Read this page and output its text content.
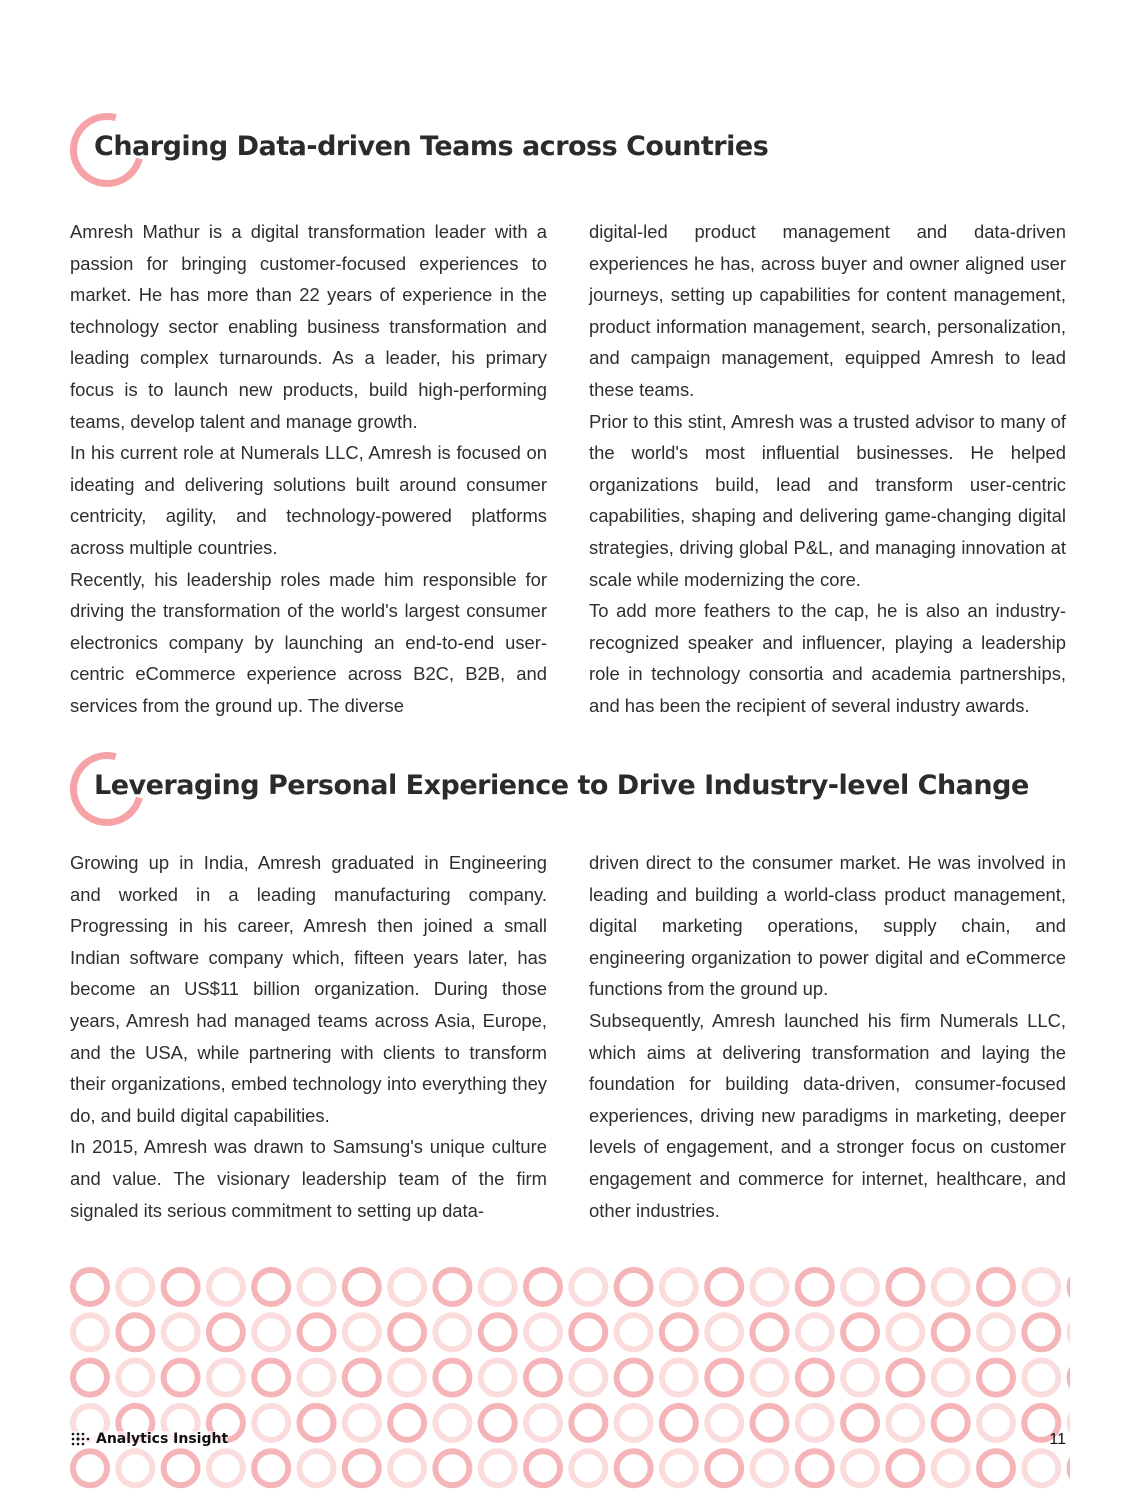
Charging Data-driven Teams across Countries

Amresh Mathur is a digital transformation leader with a passion for bringing customer-focused experiences to market. He has more than 22 years of experience in the technology sector enabling business transformation and leading complex turnarounds. As a leader, his primary focus is to launch new products, build high-performing teams, develop talent and manage growth.

In his current role at Numerals LLC, Amresh is focused on ideating and delivering solutions built around consumer centricity, agility, and technology-powered platforms across multiple countries.

Recently, his leadership roles made him responsible for driving the transformation of the world's largest consumer electronics company by launching an end-to-end user-centric eCommerce experience across B2C, B2B, and services from the ground up. The diverse

digital-led product management and data-driven experiences he has, across buyer and owner aligned user journeys, setting up capabilities for content management, product information management, search, personalization, and campaign management, equipped Amresh to lead these teams.

Prior to this stint, Amresh was a trusted advisor to many of the world's most influential businesses. He helped organizations build, lead and transform user-centric capabilities, shaping and delivering game-changing digital strategies, driving global P&L, and managing innovation at scale while modernizing the core.

To add more feathers to the cap, he is also an industry-recognized speaker and influencer, playing a leadership role in technology consortia and academia partnerships, and has been the recipient of several industry awards.

Leveraging Personal Experience to Drive Industry-level Change

Growing up in India, Amresh graduated in Engineering and worked in a leading manufacturing company. Progressing in his career, Amresh then joined a small Indian software company which, fifteen years later, has become an US$11 billion organization. During those years, Amresh had managed teams across Asia, Europe, and the USA, while partnering with clients to transform their organizations, embed technology into everything they do, and build digital capabilities.

In 2015, Amresh was drawn to Samsung's unique culture and value. The visionary leadership team of the firm signaled its serious commitment to setting up data-

driven direct to the consumer market. He was involved in leading and building a world-class product management, digital marketing operations, supply chain, and engineering organization to power digital and eCommerce functions from the ground up.

Subsequently, Amresh launched his firm Numerals LLC, which aims at delivering transformation and laying the foundation for building data-driven, consumer-focused experiences, driving new paradigms in marketing, deeper levels of engagement, and a stronger focus on customer engagement and commerce for internet, healthcare, and other industries.

Analytics Insight	11
